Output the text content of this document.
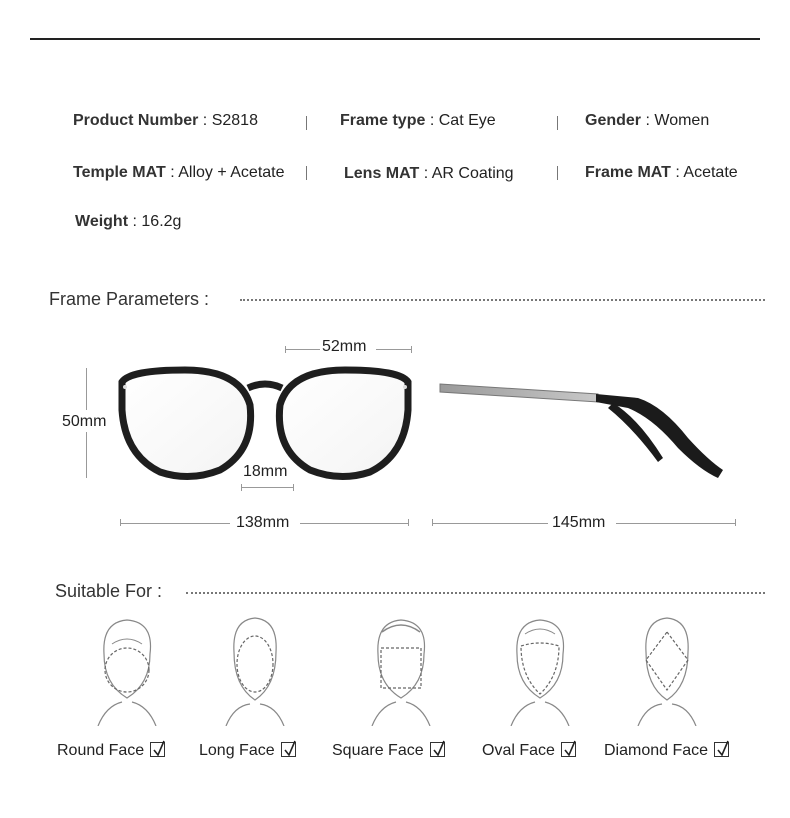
Product Number : S2818	Frame type : Cat Eye	Gender : Women
Temple MAT : Alloy + Acetate	Lens MAT : AR Coating	Frame MAT : Acetate
Weight : 16.2g
Frame Parameters :
52mm
50mm
18mm
138mm	145mm
Suitable For :
Round Face	Long Face	Square Face	Oval Face	Diamond Face
